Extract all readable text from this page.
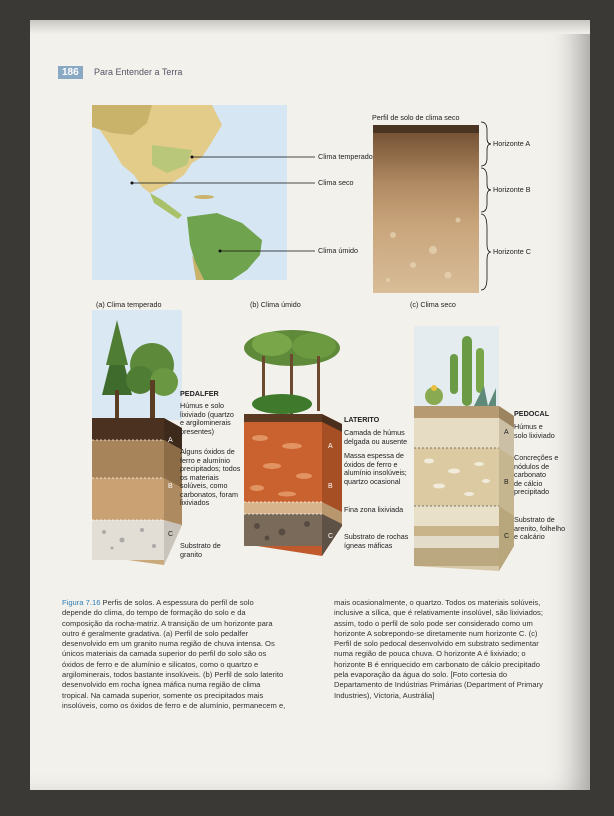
186	Para Entender a Terra
Clima temperado
Clima seco
Clima úmido
Perfil de solo de clima seco
Horizonte A
Horizonte B
Horizonte C
(a) Clima temperado	(b) Clima úmido	(c) Clima seco
A
B
C
PEDALFER
Húmus e solo
lixiviado (quartzo
e argilominerais
presentes)
Alguns óxidos de
ferro e alumínio
precipitados; todos
os materiais
solúveis, como
carbonatos, foram
lixiviados
Substrato de
granito
A
B
C
LATERITO
Camada de húmus
delgada ou ausente
Massa espessa de
óxidos de ferro e
alumínio insolúveis;
quartzo ocasional
Fina zona lixiviada
Substrato de rochas
ígneas máficas
A
B
C
PEDOCAL
Húmus e
solo lixiviado
Concreções e
nódulos de
carbonato
de cálcio
precipitado
Substrato de
arenito, folhelho
e calcário
Figura 7.16 Perfis de solos. A espessura do perfil de solo
depende do clima, do tempo de formação do solo e da
composição da rocha-matriz. A transição de um horizonte para
outro é geralmente gradativa. (a) Perfil de solo pedalfer
desenvolvido em um granito numa região de chuva intensa. Os
únicos materiais da camada superior do perfil do solo são os
óxidos de ferro e de alumínio e silicatos, como o quartzo e
argilominerais, todos bastante insolúveis. (b) Perfil de solo laterito
desenvolvido em rocha ígnea máfica numa região de clima
tropical. Na camada superior, somente os precipitados mais
insolúveis, como os óxidos de ferro e de alumínio, permanecem e,
mais ocasionalmente, o quartzo. Todos os materiais solúveis,
inclusive a sílica, que é relativamente insolúvel, são lixiviados;
assim, todo o perfil de solo pode ser considerado como um
horizonte A sobrepondo-se diretamente num horizonte C. (c)
Perfil de solo pedocal desenvolvido em substrato sedimentar
numa região de pouca chuva. O horizonte A é lixiviado; o
horizonte B é enriquecido em carbonato de cálcio precipitado
pela evaporação da água do solo. [Foto cortesia do
Departamento de Indústrias Primárias (Department of Primary
Industries), Victoria, Austrália]
